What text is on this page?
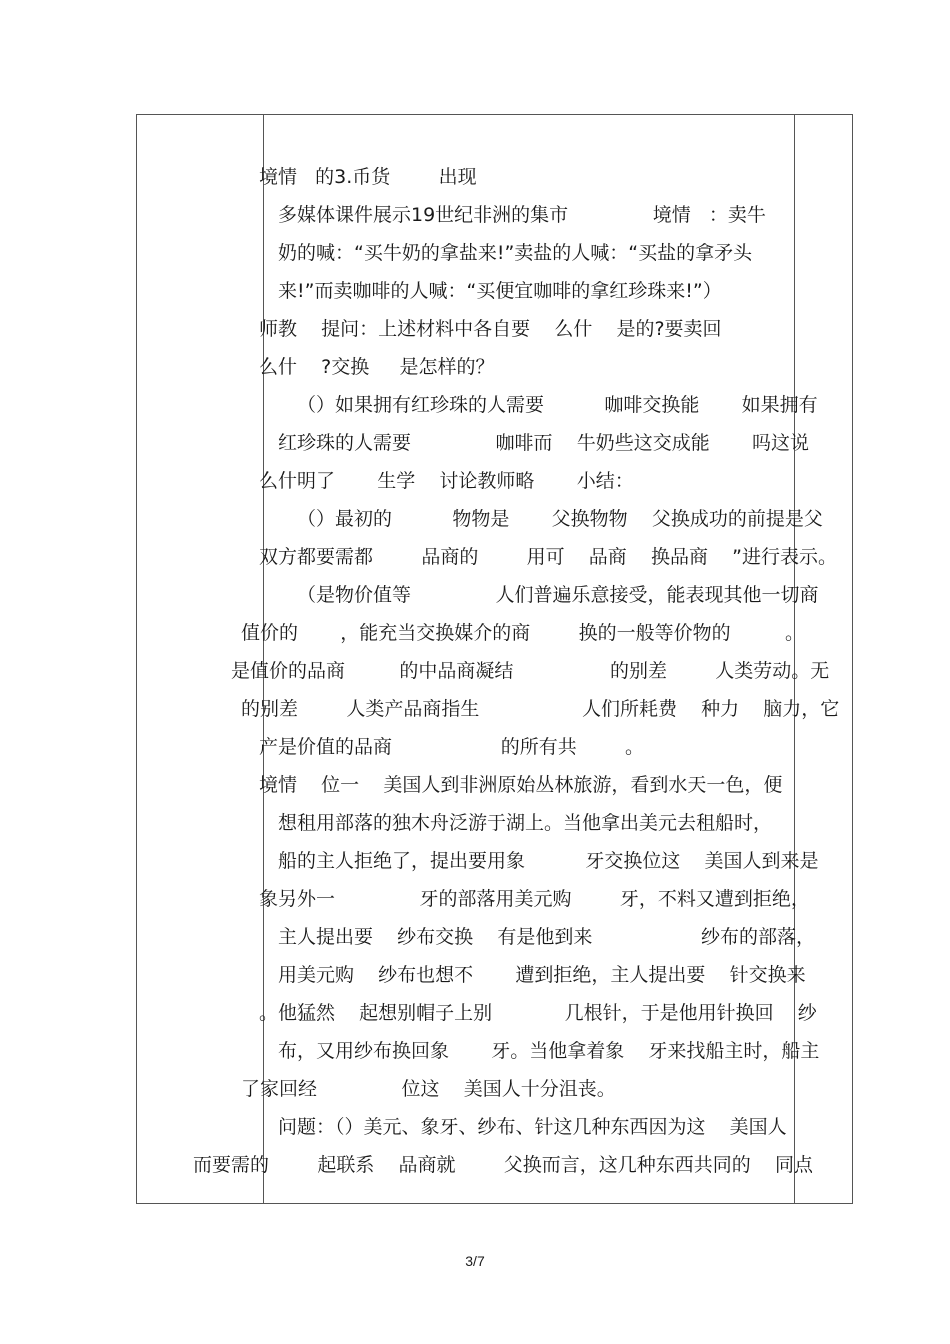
境情   的3.币货        出现
多媒体课件展示19世纪非洲的集市              境情   ：卖牛
奶的喊：“买牛奶的拿盐来!”卖盐的人喊：“买盐的拿矛头
来!”而卖咖啡的人喊：“买便宜咖啡的拿红珍珠来!”）
师教    提问：上述材料中各自要    么什    是的?要卖回
么什    ?交换     是怎样的？
（）如果拥有红珍珠的人需要          咖啡交换能       如果拥有
红珍珠的人需要              咖啡而    牛奶些这交成能       吗这说
么什明了       生学    讨论教师略       小结：
（）最初的          物物是       父换物物    父换成功的前提是父
双方都要需都        品商的        用可    品商    换品商    ”进行表示。
（是物价值等              人们普遍乐意接受，能表现其他一切商
值价的       ，能充当交换媒介的商        换的一般等价物的         。
是值价的品商         的中品商凝结                的别差        人类劳动。无
的别差        人类产品商指生                 人们所耗费    种力    脑力，它
产是价值的品商                  的所有共        。
境情    位一    美国人到非洲原始丛林旅游，看到水天一色，便
想租用部落的独木舟泛游于湖上。当他拿出美元去租船时，
船的主人拒绝了，提出要用象          牙交换位这    美国人到来是
象另外一              牙的部落用美元购        牙，不料又遭到拒绝，
主人提出要    纱布交换    有是他到来                  纱布的部落，
用美元购    纱布也想不       遭到拒绝，主人提出要    针交换来
。他猛然    起想别帽子上别            几根针，于是他用针换回    纱
布，又用纱布换回象       牙。当他拿着象    牙来找船主时，船主
了家回经              位这    美国人十分沮丧。
问题：（）美元、象牙、纱布、针这几种东西因为这    美国人
而要需的        起联系    品商就        父换而言，这几种东西共同的    同点
3/7
